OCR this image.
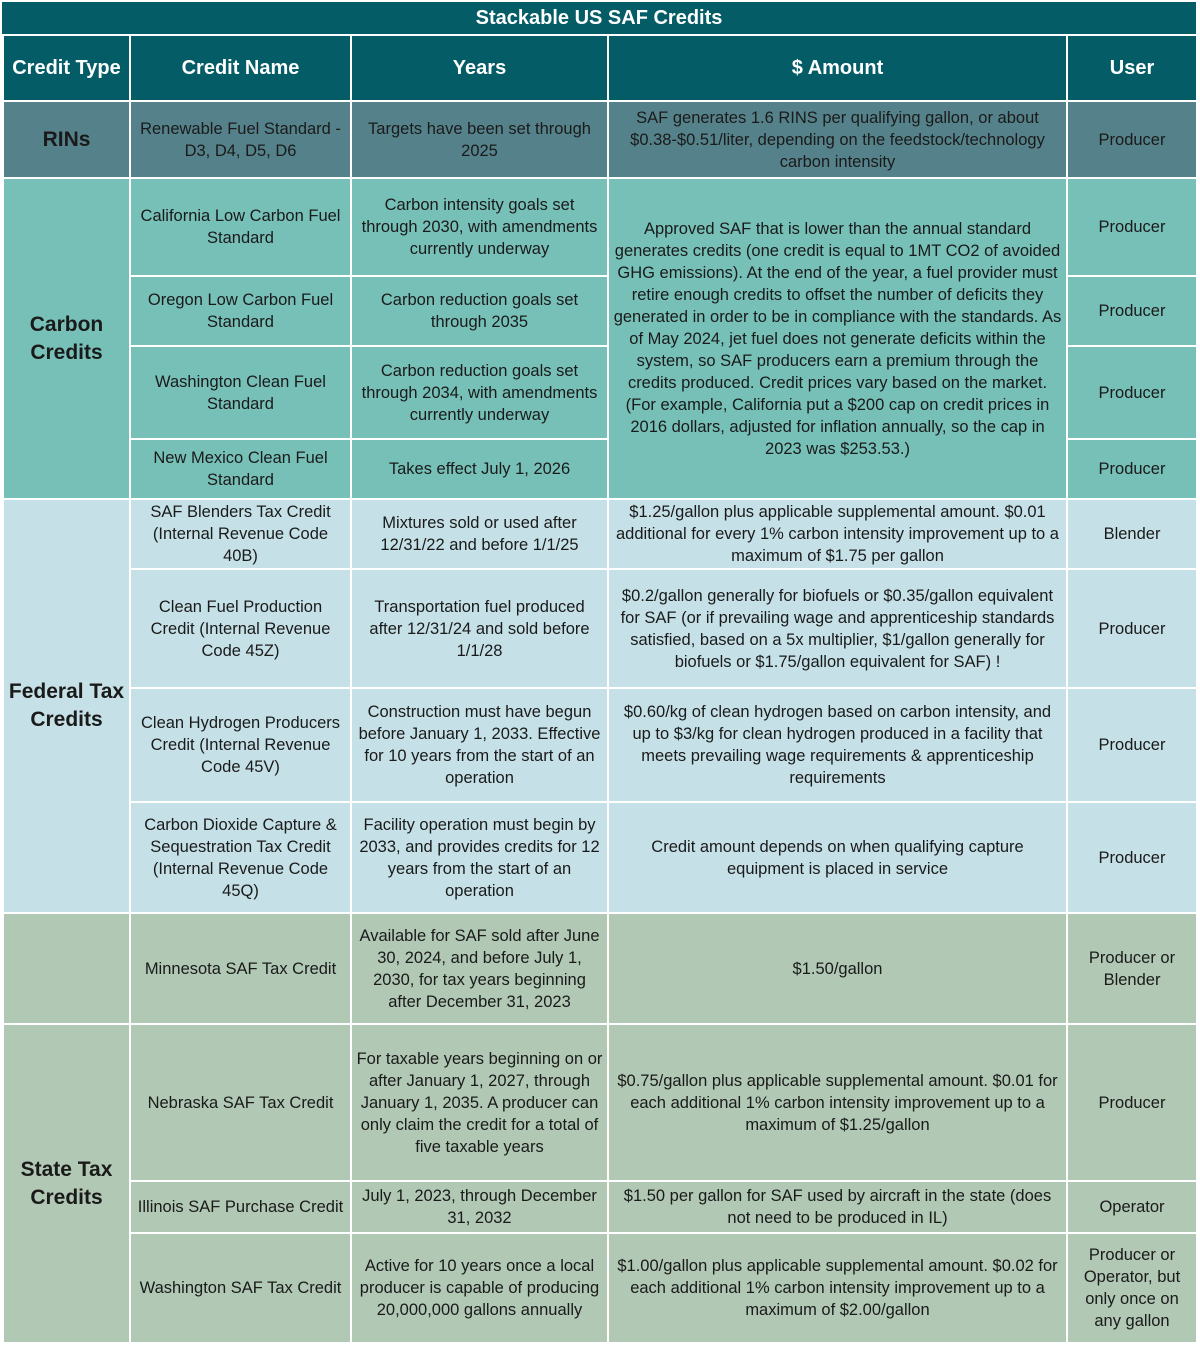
Stackable US SAF Credits
Credit Type	Credit Name	Years	$ Amount	User
RINs	Renewable Fuel Standard - D3, D4, D5, D6	Targets have been set through 2025	SAF generates 1.6 RINS per qualifying gallon, or about $0.38-$0.51/liter, depending on the feedstock/technology carbon intensity	Producer
Carbon Credits	California Low Carbon Fuel Standard	Carbon intensity goals set through 2030, with amendments currently underway	Approved SAF that is lower than the annual standard generates credits (one credit is equal to 1MT CO2 of avoided GHG emissions). At the end of the year, a fuel provider must retire enough credits to offset the number of deficits they generated in order to be in compliance with the standards. As of May 2024, jet fuel does not generate deficits within the system, so SAF producers earn a premium through the credits produced. Credit prices vary based on the market. (For example, California put a $200 cap on credit prices in 2016 dollars, adjusted for inflation annually, so the cap in 2023 was $253.53.)	Producer
	Oregon Low Carbon Fuel Standard	Carbon reduction goals set through 2035		Producer
	Washington Clean Fuel Standard	Carbon reduction goals set through 2034, with amendments currently underway		Producer
	New Mexico Clean Fuel Standard	Takes effect July 1, 2026		Producer
Federal Tax Credits	SAF Blenders Tax Credit (Internal Revenue Code 40B)	Mixtures sold or used after 12/31/22 and before 1/1/25	$1.25/gallon plus applicable supplemental amount. $0.01 additional for every 1% carbon intensity improvement up to a maximum of $1.75 per gallon	Blender
	Clean Fuel Production Credit (Internal Revenue Code 45Z)	Transportation fuel produced after 12/31/24 and sold before 1/1/28	$0.2/gallon generally for biofuels or $0.35/gallon equivalent for SAF (or if prevailing wage and apprenticeship standards satisfied, based on a 5x multiplier, $1/gallon generally for biofuels or $1.75/gallon equivalent for SAF) !	Producer
	Clean Hydrogen Producers Credit (Internal Revenue Code 45V)	Construction must have begun before January 1, 2033. Effective for 10 years from the start of an operation	$0.60/kg of clean hydrogen based on carbon intensity, and up to $3/kg for clean hydrogen produced in a facility that meets prevailing wage requirements & apprenticeship requirements	Producer
	Carbon Dioxide Capture & Sequestration Tax Credit (Internal Revenue Code 45Q)	Facility operation must begin by 2033, and provides credits for 12 years from the start of an operation	Credit amount depends on when qualifying capture equipment is placed in service	Producer
	Minnesota SAF Tax Credit	Available for SAF sold after June 30, 2024, and before July 1, 2030, for tax years beginning after December 31, 2023	$1.50/gallon	Producer or Blender
State Tax Credits	Nebraska SAF Tax Credit	For taxable years beginning on or after January 1, 2027, through January 1, 2035. A producer can only claim the credit for a total of five taxable years	$0.75/gallon plus applicable supplemental amount. $0.01 for each additional 1% carbon intensity improvement up to a maximum of $1.25/gallon	Producer
	Illinois SAF Purchase Credit	July 1, 2023, through December 31, 2032	$1.50 per gallon for SAF used by aircraft in the state (does not need to be produced in IL)	Operator
	Washington SAF Tax Credit	Active for 10 years once a local producer is capable of producing 20,000,000 gallons annually	$1.00/gallon plus applicable supplemental amount. $0.02 for each additional 1% carbon intensity improvement up to a maximum of $2.00/gallon	Producer or Operator, but only once on any gallon
